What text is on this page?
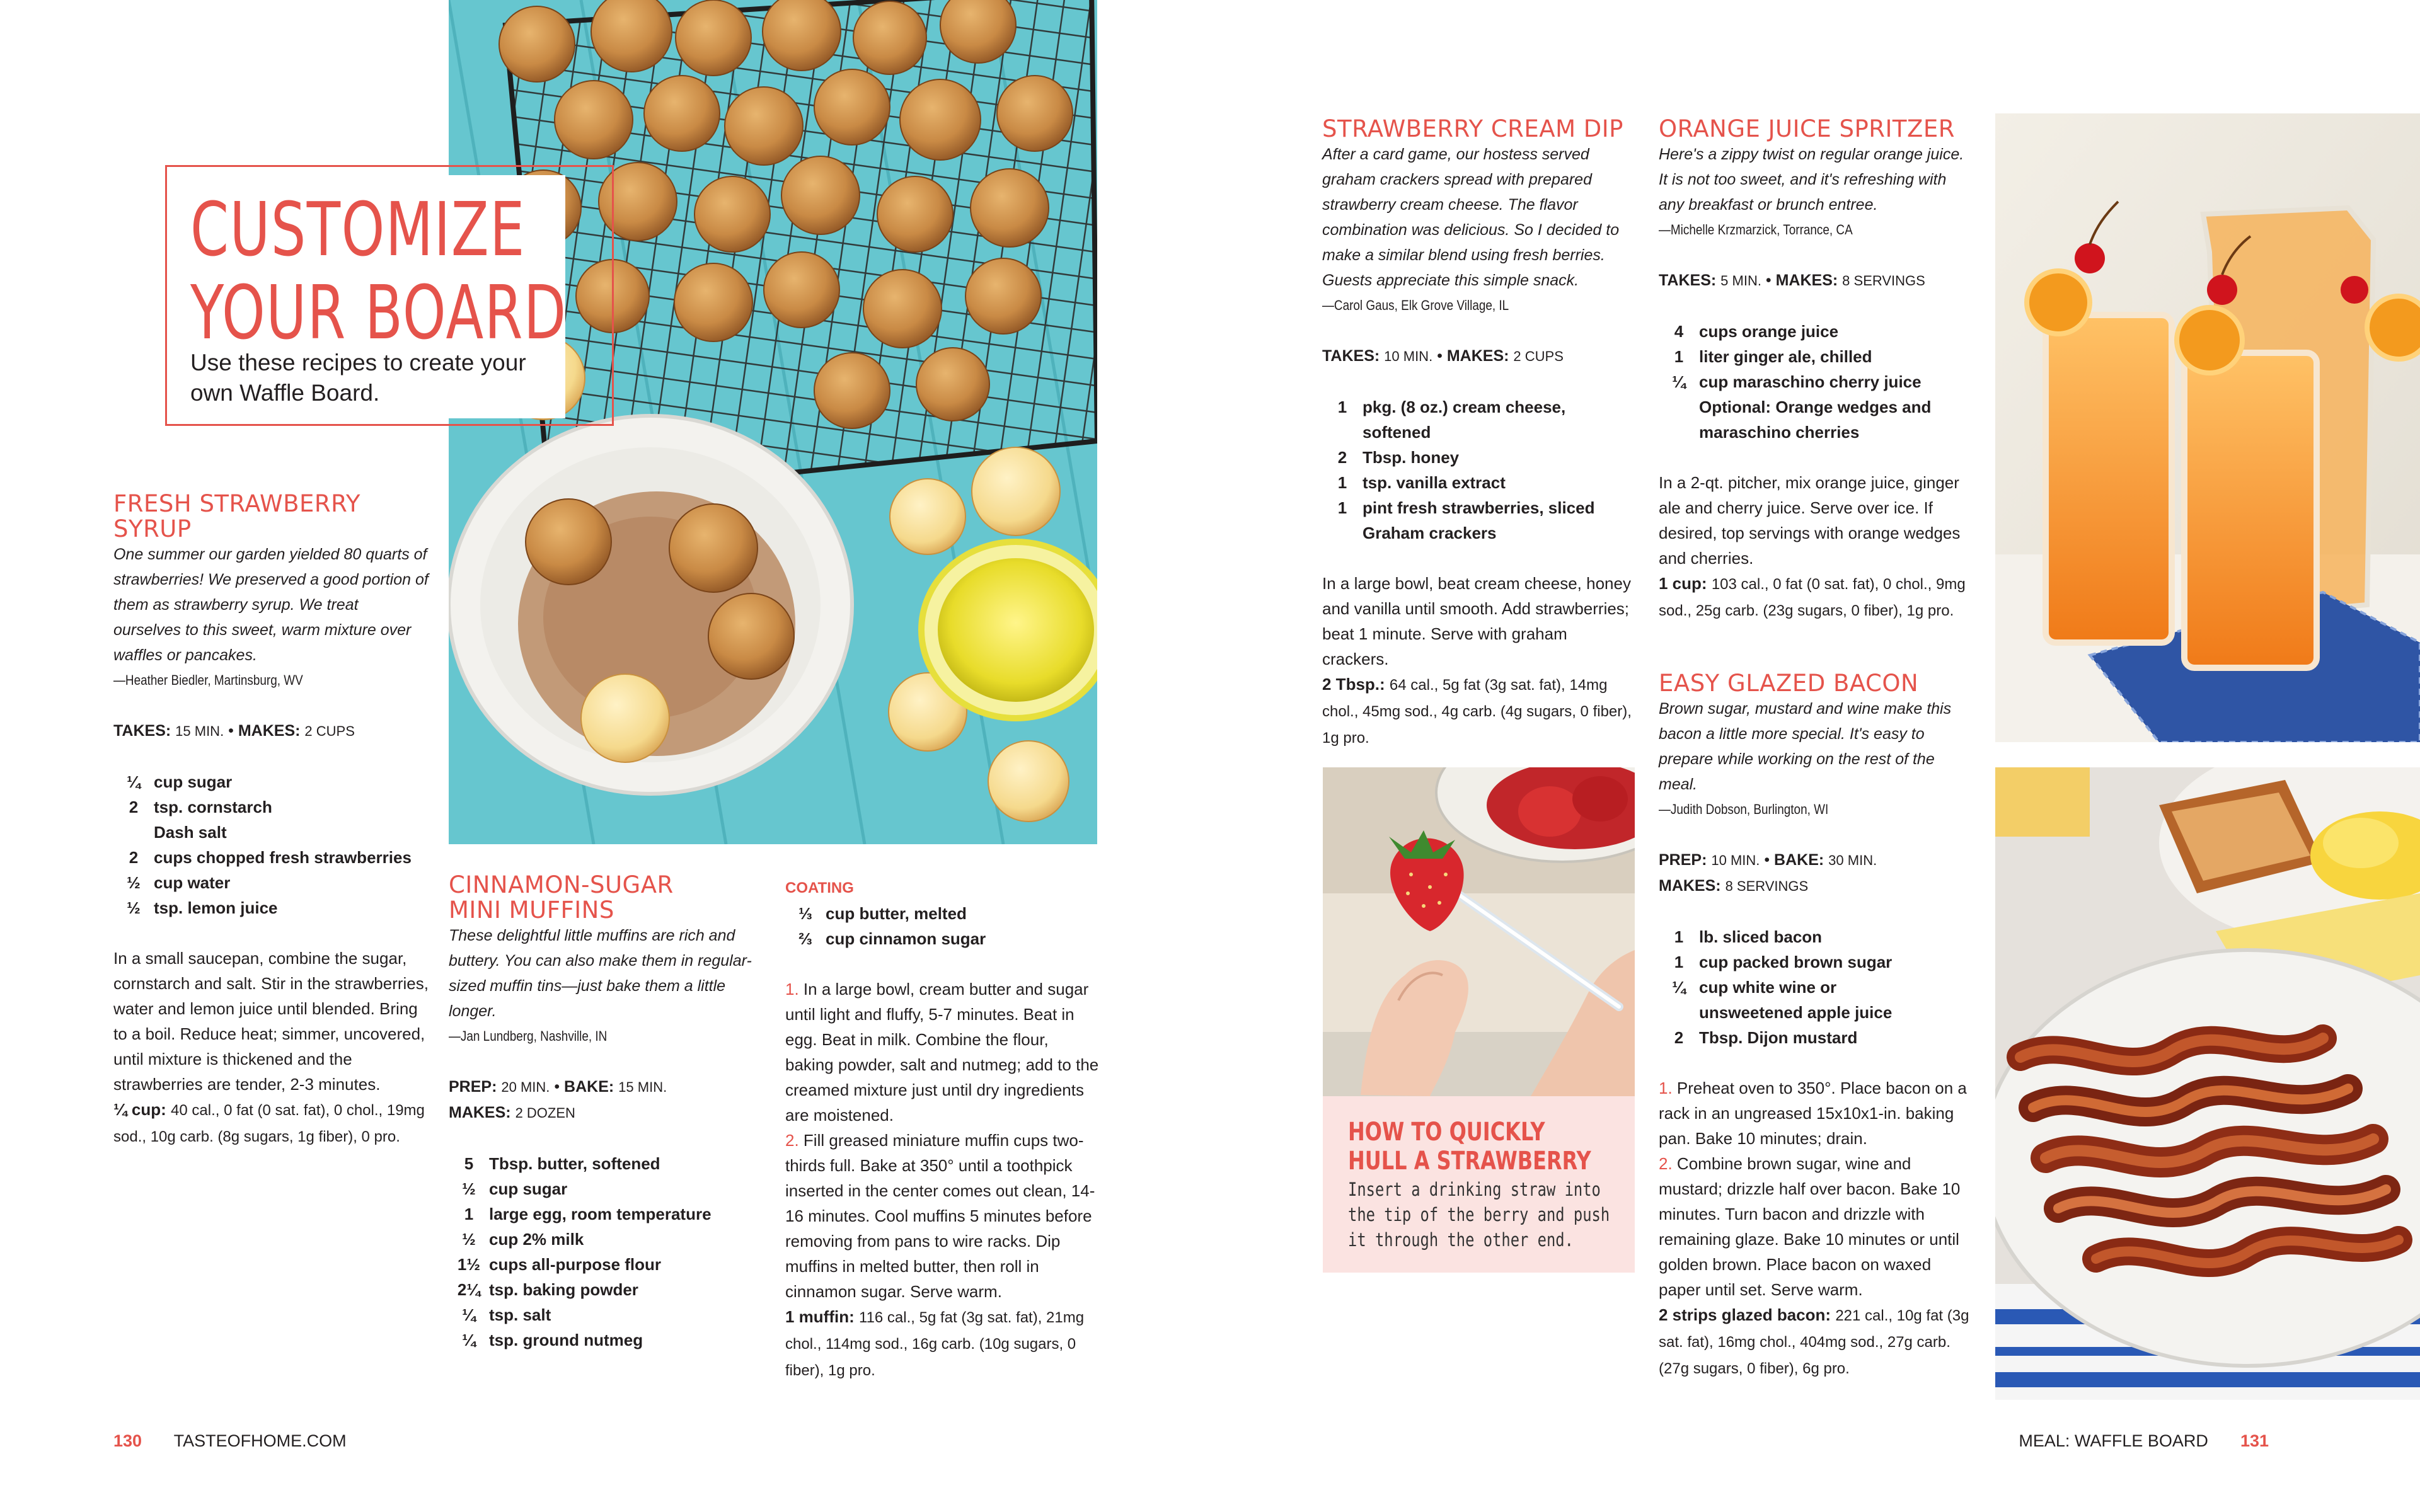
CUSTOMIZE
YOUR BOARD
Use these recipes to create your own Waffle Board.
FRESH STRAWBERRY SYRUP

One summer our garden yielded 80 quarts of strawberries! We preserved a good portion of them as strawberry syrup. We treat ourselves to this sweet, warm mixture over waffles or pancakes.

—Heather Biedler, Martinsburg, WV

TAKES: 15 MIN. • MAKES: 2 CUPS

¼ cup sugar
2 tsp. cornstarch
Dash salt
2 cups chopped fresh strawberries
½ cup water
½ tsp. lemon juice

In a small saucepan, combine the sugar, cornstarch and salt. Stir in the strawberries, water and lemon juice until blended. Bring to a boil. Reduce heat; simmer, uncovered, until mixture is thickened and the strawberries are tender, 2-3 minutes.

¼ cup: 40 cal., 0 fat (0 sat. fat), 0 chol., 19mg sod., 10g carb. (8g sugars, 1g fiber), 0 pro.

CINNAMON-SUGAR
MINI MUFFINS

These delightful little muffins are rich and buttery. You can also make them in regular-sized muffin tins—just bake them a little longer.

—Jan Lundberg, Nashville, IN

PREP: 20 MIN. • BAKE: 15 MIN.
MAKES: 2 DOZEN

5 Tbsp. butter, softened
½ cup sugar
1 large egg, room temperature
½ cup 2% milk
1½ cups all-purpose flour
2¼ tsp. baking powder
¼ tsp. salt
¼ tsp. ground nutmeg
COATING
⅓ cup butter, melted
⅔ cup cinnamon sugar

1. In a large bowl, cream butter and sugar until light and fluffy, 5-7 minutes. Beat in egg. Beat in milk. Combine the flour, baking powder, salt and nutmeg; add to the creamed mixture just until dry ingredients are moistened.

2. Fill greased miniature muffin cups two-thirds full. Bake at 350° until a toothpick inserted in the center comes out clean, 14-16 minutes. Cool muffins 5 minutes before removing from pans to wire racks. Dip muffins in melted butter, then roll in cinnamon sugar. Serve warm.

1 muffin: 116 cal., 5g fat (3g sat. fat), 21mg chol., 114mg sod., 16g carb. (10g sugars, 0 fiber), 1g pro.

STRAWBERRY CREAM DIP

After a card game, our hostess served graham crackers spread with prepared strawberry cream cheese. The flavor combination was delicious. So I decided to make a similar blend using fresh berries. Guests appreciate this simple snack.

—Carol Gaus, Elk Grove Village, IL

TAKES: 10 MIN. • MAKES: 2 CUPS

1 pkg. (8 oz.) cream cheese, softened
2 Tbsp. honey
1 tsp. vanilla extract
1 pint fresh strawberries, sliced Graham crackers

In a large bowl, beat cream cheese, honey and vanilla until smooth. Add strawberries; beat 1 minute. Serve with graham crackers.

2 Tbsp.: 64 cal., 5g fat (3g sat. fat), 14mg chol., 45mg sod., 4g carb. (4g sugars, 0 fiber), 1g pro.

HOW TO QUICKLY
HULL A STRAWBERRY
Insert a drinking straw into the tip of the berry and push it through the other end.
ORANGE JUICE SPRITZER

Here's a zippy twist on regular orange juice. It is not too sweet, and it's refreshing with any breakfast or brunch entree.

—Michelle Krzmarzick, Torrance, CA

TAKES: 5 MIN. • MAKES: 8 SERVINGS

4 cups orange juice
1 liter ginger ale, chilled
¼ cup maraschino cherry juice Optional: Orange wedges and maraschino cherries

In a 2-qt. pitcher, mix orange juice, ginger ale and cherry juice. Serve over ice. If desired, top servings with orange wedges and cherries.

1 cup: 103 cal., 0 fat (0 sat. fat), 0 chol., 9mg sod., 25g carb. (23g sugars, 0 fiber), 1g pro.

EASY GLAZED BACON

Brown sugar, mustard and wine make this bacon a little more special. It's easy to prepare while working on the rest of the meal.

—Judith Dobson, Burlington, WI

PREP: 10 MIN. • BAKE: 30 MIN.
MAKES: 8 SERVINGS

1 lb. sliced bacon
1 cup packed brown sugar
¼ cup white wine or unsweetened apple juice
2 Tbsp. Dijon mustard

1. Preheat oven to 350°. Place bacon on a rack in an ungreased 15x10x1-in. baking pan. Bake 10 minutes; drain.

2. Combine brown sugar, wine and mustard; drizzle half over bacon. Bake 10 minutes. Turn bacon and drizzle with remaining glaze. Bake 10 minutes or until golden brown. Place bacon on waxed paper until set. Serve warm.

2 strips glazed bacon: 221 cal., 10g fat (3g sat. fat), 16mg chol., 404mg sod., 27g carb. (27g sugars, 0 fiber), 6g pro.

130 TASTEOFHOME.COM	MEAL: WAFFLE BOARD 131
